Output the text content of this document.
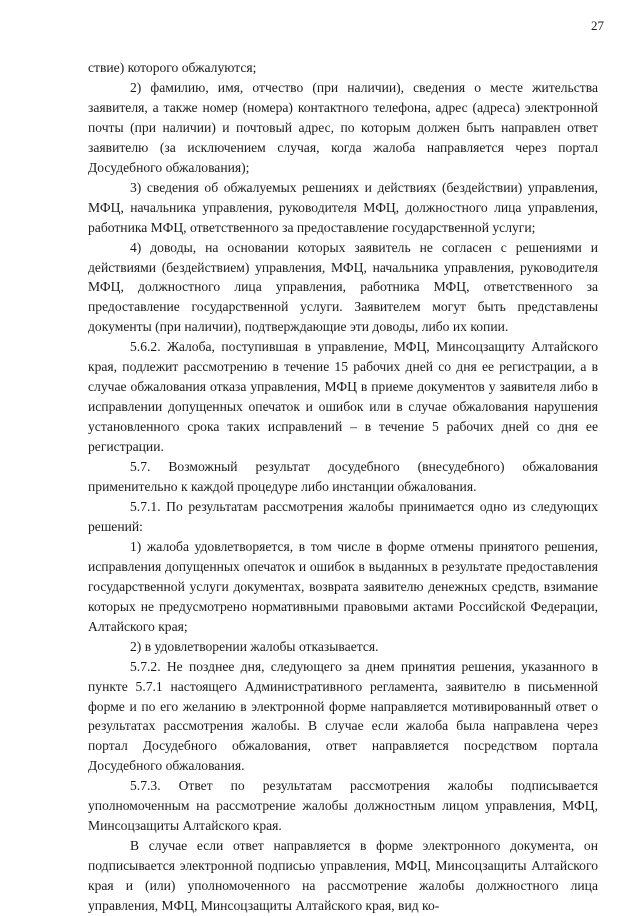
27

ствие) которого обжалуются;

2) фамилию, имя, отчество (при наличии), сведения о месте жительства заявителя, а также номер (номера) контактного телефона, адрес (адреса) электронной почты (при наличии) и почтовый адрес, по которым должен быть направлен ответ заявителю (за исключением случая, когда жалоба направляется через портал Досудебного обжалования);

3) сведения об обжалуемых решениях и действиях (бездействии) управления, МФЦ, начальника управления, руководителя МФЦ, должностного лица управления, работника МФЦ, ответственного за предоставление государственной услуги;

4) доводы, на основании которых заявитель не согласен с решениями и действиями (бездействием) управления, МФЦ, начальника управления, руководителя МФЦ, должностного лица управления, работника МФЦ, ответственного за предоставление государственной услуги. Заявителем могут быть представлены документы (при наличии), подтверждающие эти доводы, либо их копии.

5.6.2. Жалоба, поступившая в управление, МФЦ, Минсоцзащиту Алтайского края, подлежит рассмотрению в течение 15 рабочих дней со дня ее регистрации, а в случае обжалования отказа управления, МФЦ в приеме документов у заявителя либо в исправлении допущенных опечаток и ошибок или в случае обжалования нарушения установленного срока таких исправлений – в течение 5 рабочих дней со дня ее регистрации.

5.7. Возможный результат досудебного (внесудебного) обжалования применительно к каждой процедуре либо инстанции обжалования.

5.7.1. По результатам рассмотрения жалобы принимается одно из следующих решений:

1) жалоба удовлетворяется, в том числе в форме отмены принятого решения, исправления допущенных опечаток и ошибок в выданных в результате предоставления государственной услуги документах, возврата заявителю денежных средств, взимание которых не предусмотрено нормативными правовыми актами Российской Федерации, Алтайского края;

2) в удовлетворении жалобы отказывается.

5.7.2. Не позднее дня, следующего за днем принятия решения, указанного в пункте 5.7.1 настоящего Административного регламента, заявителю в письменной форме и по его желанию в электронной форме направляется мотивированный ответ о результатах рассмотрения жалобы. В случае если жалоба была направлена через портал Досудебного обжалования, ответ направляется посредством портала Досудебного обжалования.

5.7.3. Ответ по результатам рассмотрения жалобы подписывается уполномоченным на рассмотрение жалобы должностным лицом управления, МФЦ, Минсоцзащиты Алтайского края.

В случае если ответ направляется в форме электронного документа, он подписывается электронной подписью управления, МФЦ, Минсоцзащиты Алтайского края и (или) уполномоченного на рассмотрение жалобы должностного лица управления, МФЦ, Минсоцзащиты Алтайского края, вид ко-
